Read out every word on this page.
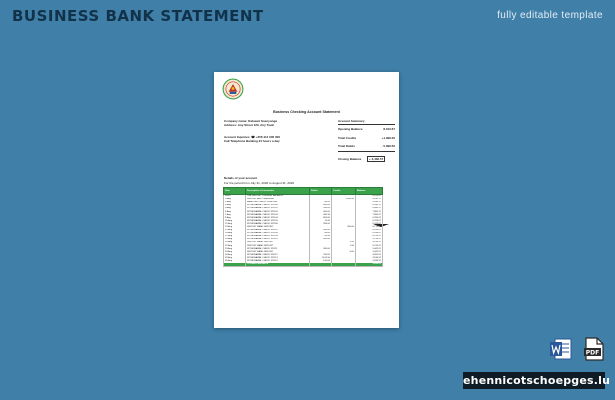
BUSINESS BANK STATEMENT	fully editable template
Business Checking Account Statement
Company name: Kabuuni Ssenyonga
Address: Any Street 123, Any Town
Account Inquiries: ☎ +256 414 000 000
Call Telephone Banking 24 hours a day
Account Summary
Opening Balance	8,313.67
Total Credits	+1,399.00
Total Debits	- 5,099.50
Closing Balance	+ 3,436.57
Details of your account
For the period from July 31, 2026 to August 31, 2026
Date	Description of transaction	Debits	Credits	Balance
08/03	THE DEPOSIT OPENING BALANCE			8,313.67
1-Aug	DEPOSIT AND TRANSFER		1,096.50	9,410.17
1-Aug	BANK FEE CHECK PRINTING	80.00		9,330.17
3-Aug	WITHDRAWAL CHECK 321100	400.00		8,930.17
5-Aug	WITHDRAWAL CHECK 321101	550.00		8,380.17
6-Aug	WITHDRAWAL CHECK 321102	400.00		7,980.17
7-Aug	WITHDRAWAL CHECK 321103	400.10		7,580.07
9-Aug	WITHDRAWAL CHECK 321104	800.00		6,780.07
10-Aug	WITHDRAWAL CHECK 321105	11.00		6,769.07
12-Aug	WITHDRAWAL CHECK 321106	350.00		6,419.07
13-Aug	DEPOSIT BANK DEPOSIT		300.00	6,719.07
15-Aug	WITHDRAWAL CHECK 321107	300.00		6,419.07
16-Aug	WITHDRAWAL CHECK 321108	80.00		6,339.07
17-Aug	WITHDRAWAL CHECK 321109	99.50		6,239.57
18-Aug	WITHDRAWAL CHECK 321110	500.00		5,739.57
20-Aug	DEPOSIT BANK DEPOSIT		1.00	5,740.57
22-Aug	DEPOSIT BANK DEPOSIT		1.50	5,742.07
23-Aug	WITHDRAWAL CHECK 321111	300.00		5,442.07
24-Aug	DEPOSIT BANK DEPOSIT		0.00	5,442.07
26-Aug	WITHDRAWAL CHECK 321112	750.00		4,692.07
28-Aug	WITHDRAWAL CHECK 321113	1,155.50		3,536.57
30-Aug	WITHDRAWAL CHECK 321114	100.00		3,436.57
	CLOSING BALANCE			3,436.57
PDF
ehennicotschoepges.lu
